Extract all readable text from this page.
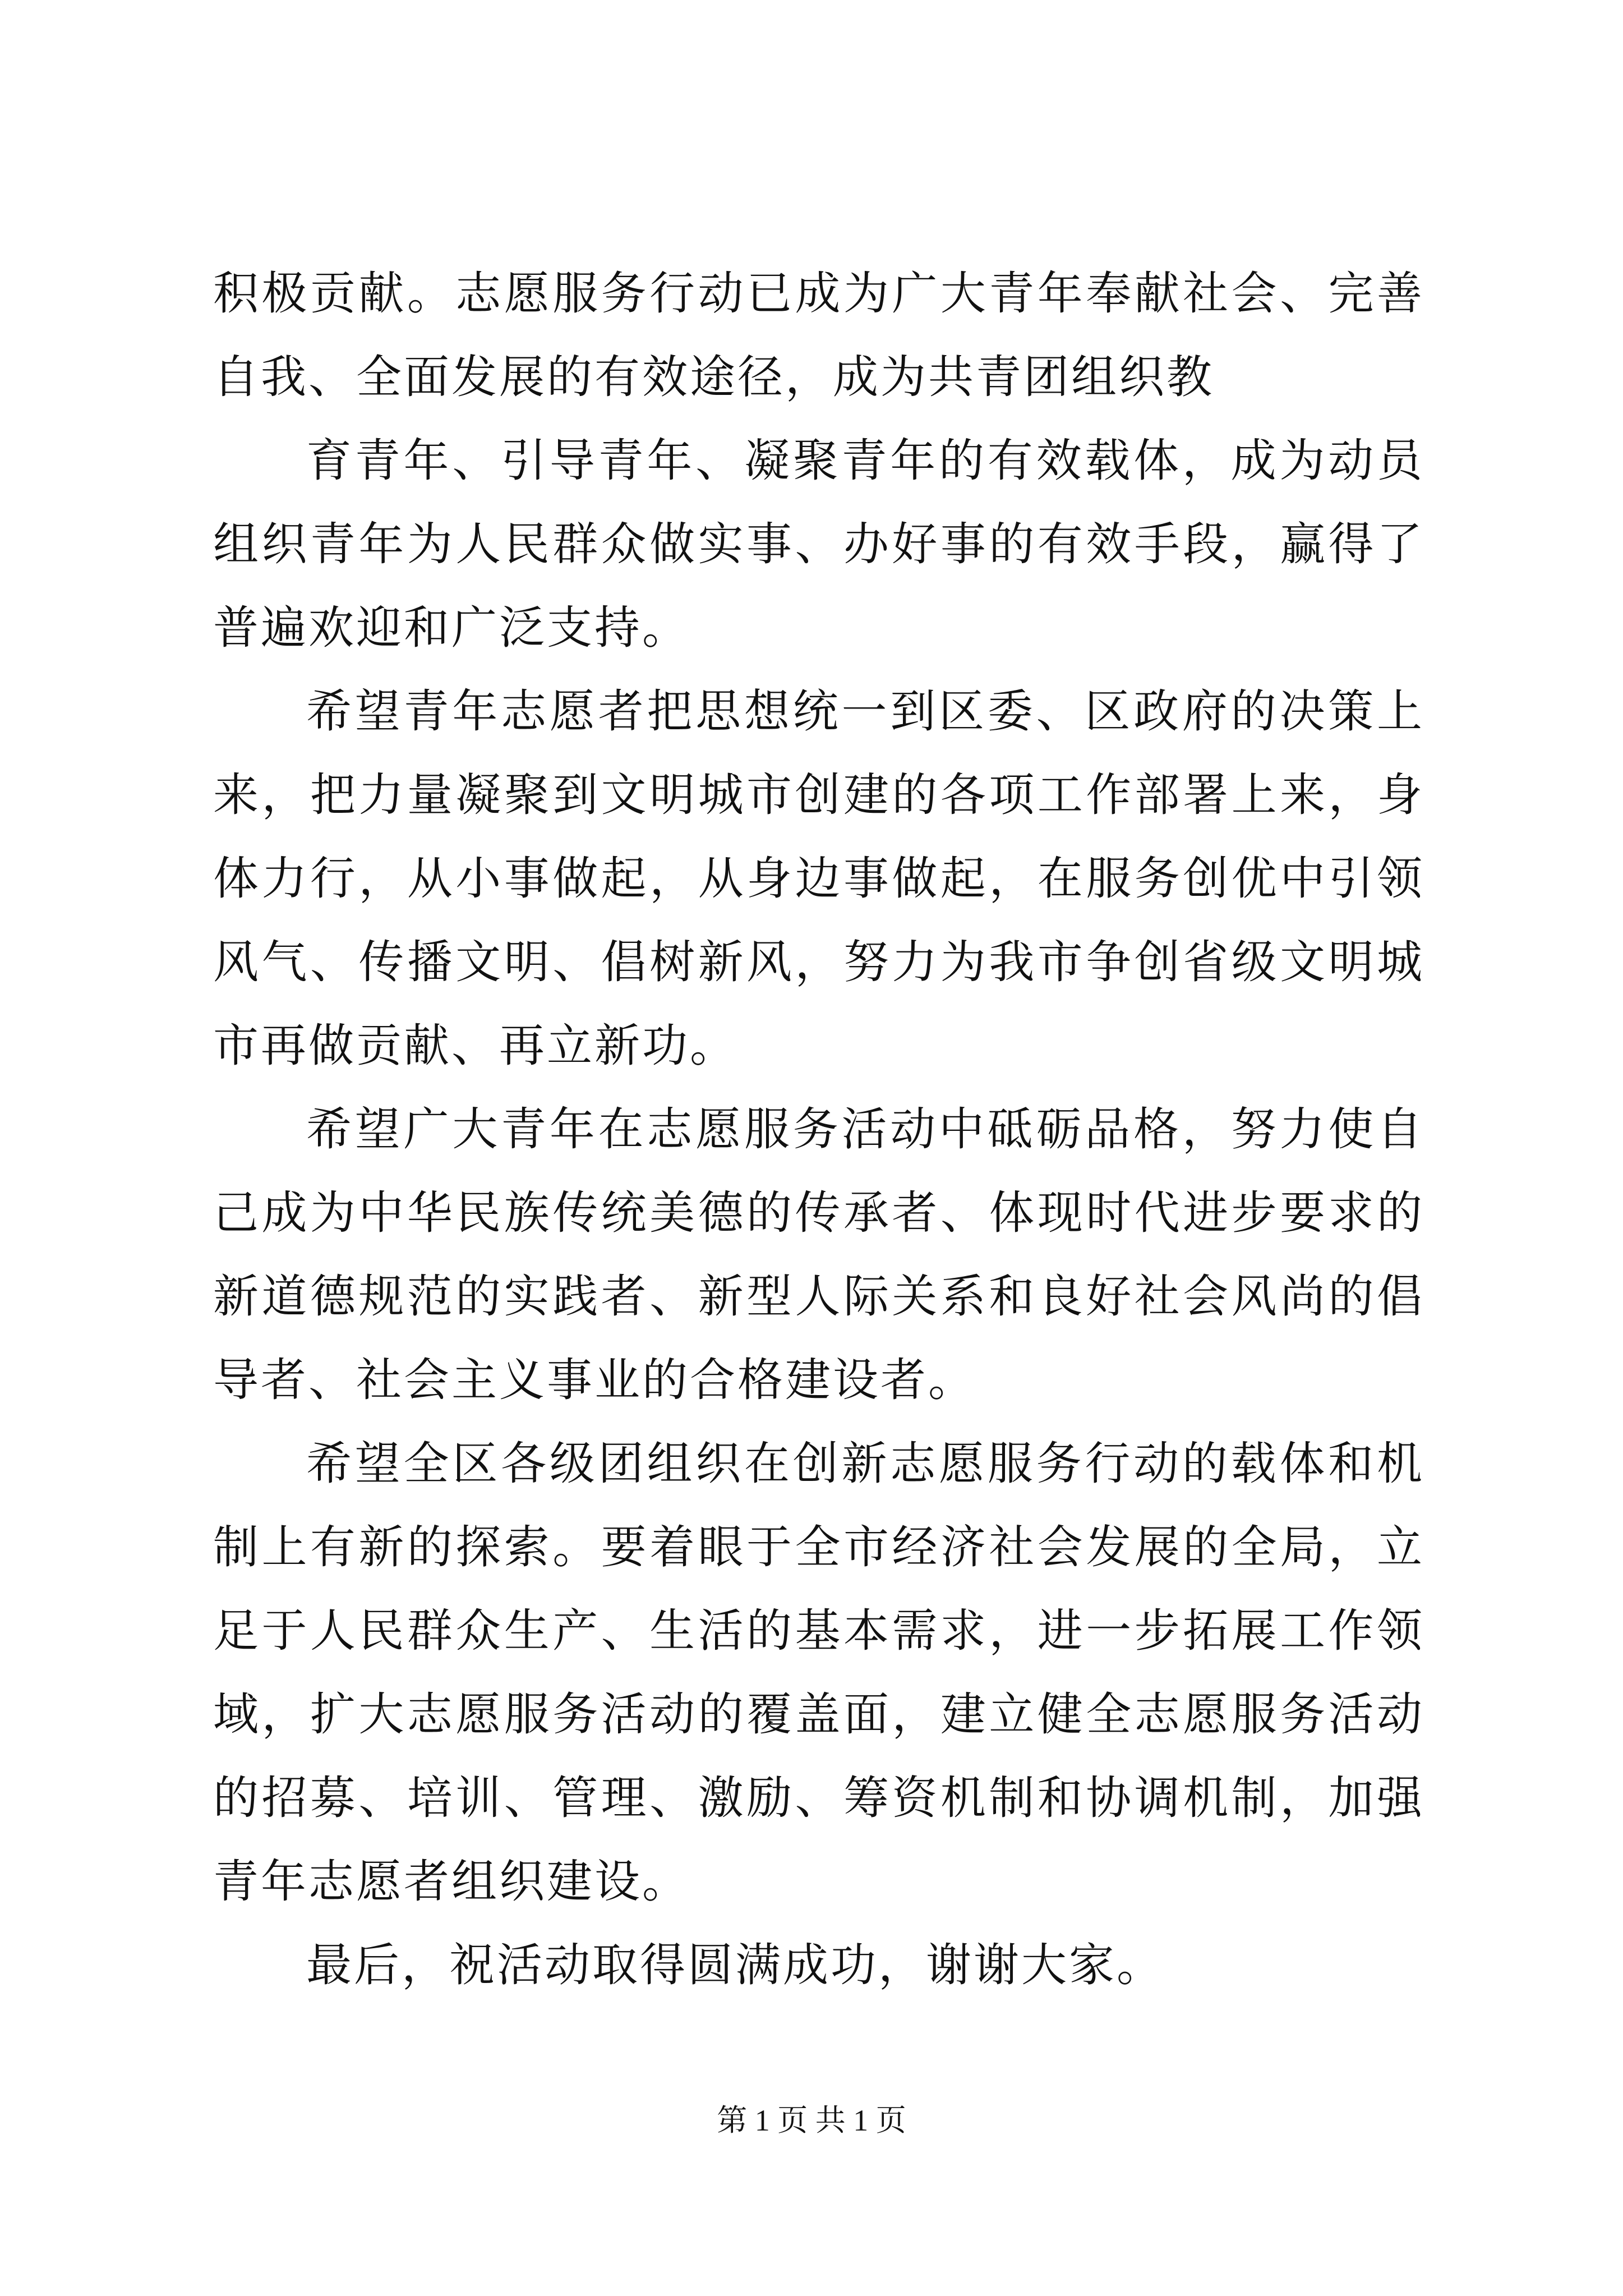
积极贡献。志愿服务行动已成为广大青年奉献社会、完善自我、全面发展的有效途径，成为共青团组织教

育青年、引导青年、凝聚青年的有效载体，成为动员组织青年为人民群众做实事、办好事的有效手段，赢得了普遍欢迎和广泛支持。

希望青年志愿者把思想统一到区委、区政府的决策上来，把力量凝聚到文明城市创建的各项工作部署上来，身体力行，从小事做起，从身边事做起，在服务创优中引领风气、传播文明、倡树新风，努力为我市争创省级文明城市再做贡献、再立新功。

希望广大青年在志愿服务活动中砥砺品格，努力使自己成为中华民族传统美德的传承者、体现时代进步要求的新道德规范的实践者、新型人际关系和良好社会风尚的倡导者、社会主义事业的合格建设者。

希望全区各级团组织在创新志愿服务行动的载体和机制上有新的探索。要着眼于全市经济社会发展的全局，立足于人民群众生产、生活的基本需求，进一步拓展工作领域，扩大志愿服务活动的覆盖面，建立健全志愿服务活动的招募、培训、管理、激励、筹资机制和协调机制，加强青年志愿者组织建设。

最后，祝活动取得圆满成功，谢谢大家。

第 1 页 共 1 页
